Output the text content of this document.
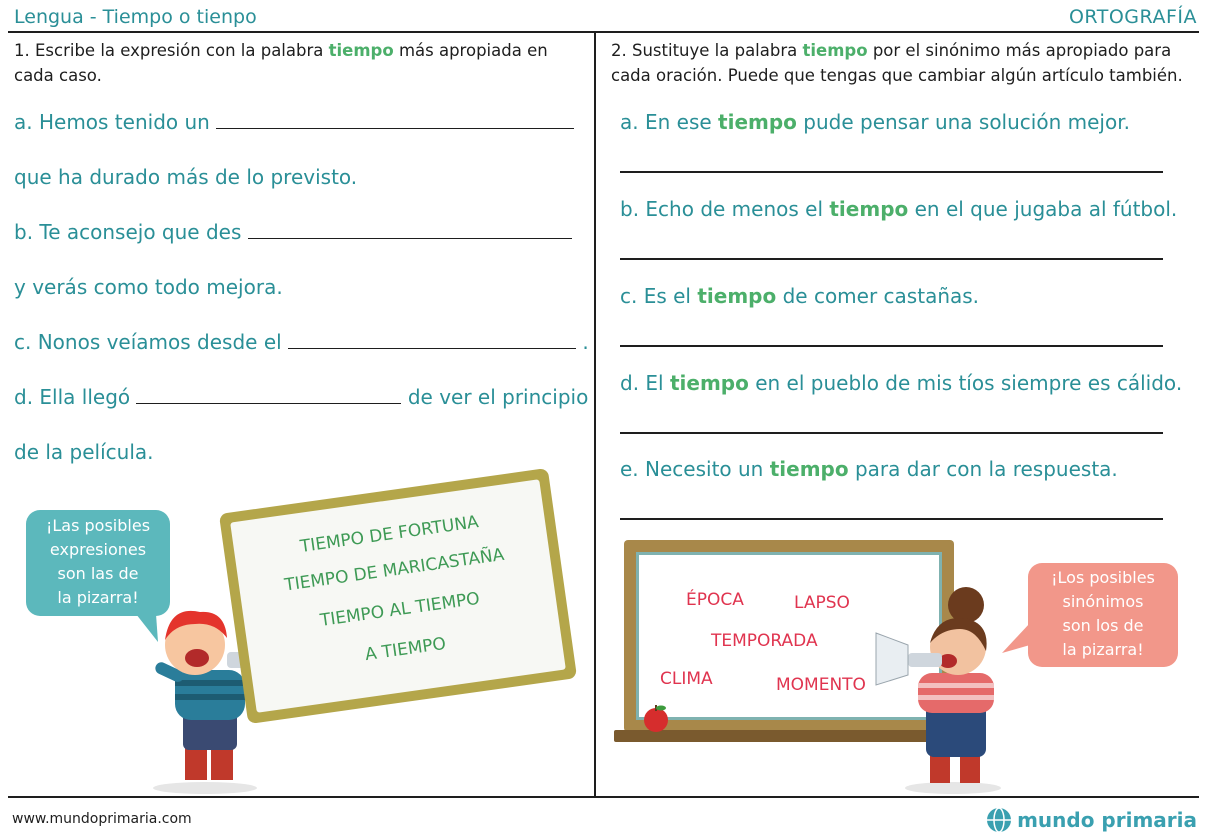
Lengua - Tiempo o tienpo	ORTOGRAFÍA
1. Escribe la expresión con la palabra tiempo más apropiada en cada caso.
a. Hemos tenido un
que ha durado más de lo previsto.
b. Te aconsejo que des
y verás como todo mejora.
c. Nonos veíamos desde el	.
d. Ella llegó	de ver el principio
de la película.
¡Las posibles
expresiones
son las de
la pizarra!
TIEMPO DE FORTUNA
TIEMPO DE MARICASTAÑA
TIEMPO AL TIEMPO
A TIEMPO
2. Sustituye la palabra tiempo por el sinónimo más apropiado para cada oración. Puede que tengas que cambiar algún artículo también.
a. En ese tiempo pude pensar una solución mejor.
b. Echo de menos el tiempo en el que jugaba al fútbol.
c. Es el tiempo de comer castañas.
d. El tiempo en el pueblo de mis tíos siempre es cálido.
e. Necesito un tiempo para dar con la respuesta.
ÉPOCA	LAPSO
TEMPORADA
CLIMA	MOMENTO
¡Los posibles
sinónimos
son los de
la pizarra!
www.mundoprimaria.com	mundo primaria
